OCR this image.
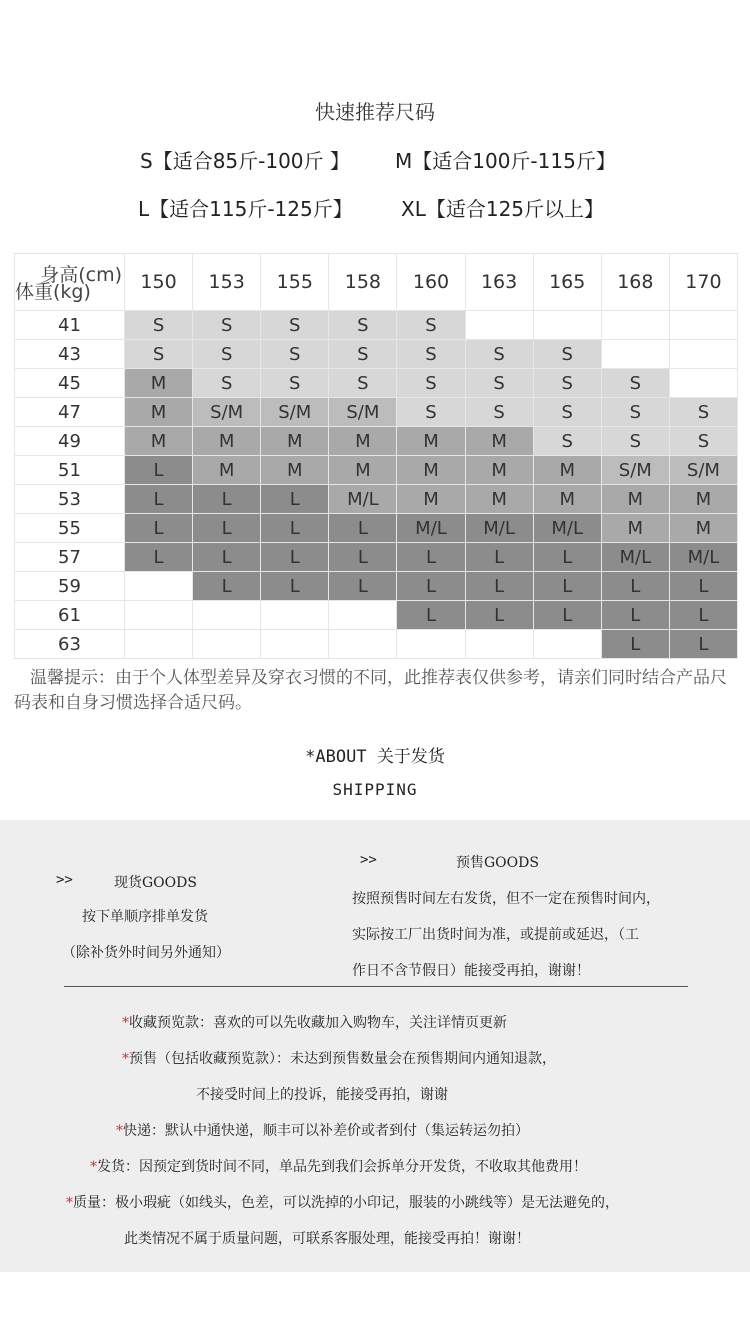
快速推荐尺码
S【适合85斤-100斤 】 M【适合100斤-115斤】
L【适合115斤-125斤】 XL【适合125斤以上】
身高(cm)
体重(kg)	150	153	155	158	160	163	165	168	170
41	S	S	S	S	S				
43	S	S	S	S	S	S	S		
45	M	S	S	S	S	S	S	S	
47	M	S/M	S/M	S/M	S	S	S	S	S
49	M	M	M	M	M	M	S	S	S
51	L	M	M	M	M	M	M	S/M	S/M
53	L	L	L	M/L	M	M	M	M	M
55	L	L	L	L	M/L	M/L	M/L	M	M
57	L	L	L	L	L	L	L	M/L	M/L
59		L	L	L	L	L	L	L	L
61					L	L	L	L	L
63								L	L
温馨提示：由于个人体型差异及穿衣习惯的不同，此推荐表仅供参考，请亲们同时结合产品尺码表和自身习惯选择合适尺码。
*ABOUT 关于发货
SHIPPING
>>	现货GOODS
按下单顺序排单发货
（除补货外时间另外通知）
>>	预售GOODS
按照预售时间左右发货，但不一定在预售时间内，
实际按工厂出货时间为准，或提前或延迟，（工
作日不含节假日）能接受再拍，谢谢！
*收藏预览款：喜欢的可以先收藏加入购物车，关注详情页更新
*预售（包括收藏预览款）：未达到预售数量会在预售期间内通知退款，
不接受时间上的投诉，能接受再拍，谢谢
*快递：默认中通快递，顺丰可以补差价或者到付（集运转运勿拍）
*发货：因预定到货时间不同，单品先到我们会拆单分开发货，不收取其他费用！
*质量：极小瑕疵（如线头，色差，可以洗掉的小印记，服装的小跳线等）是无法避免的，
此类情况不属于质量问题，可联系客服处理，能接受再拍！谢谢！
